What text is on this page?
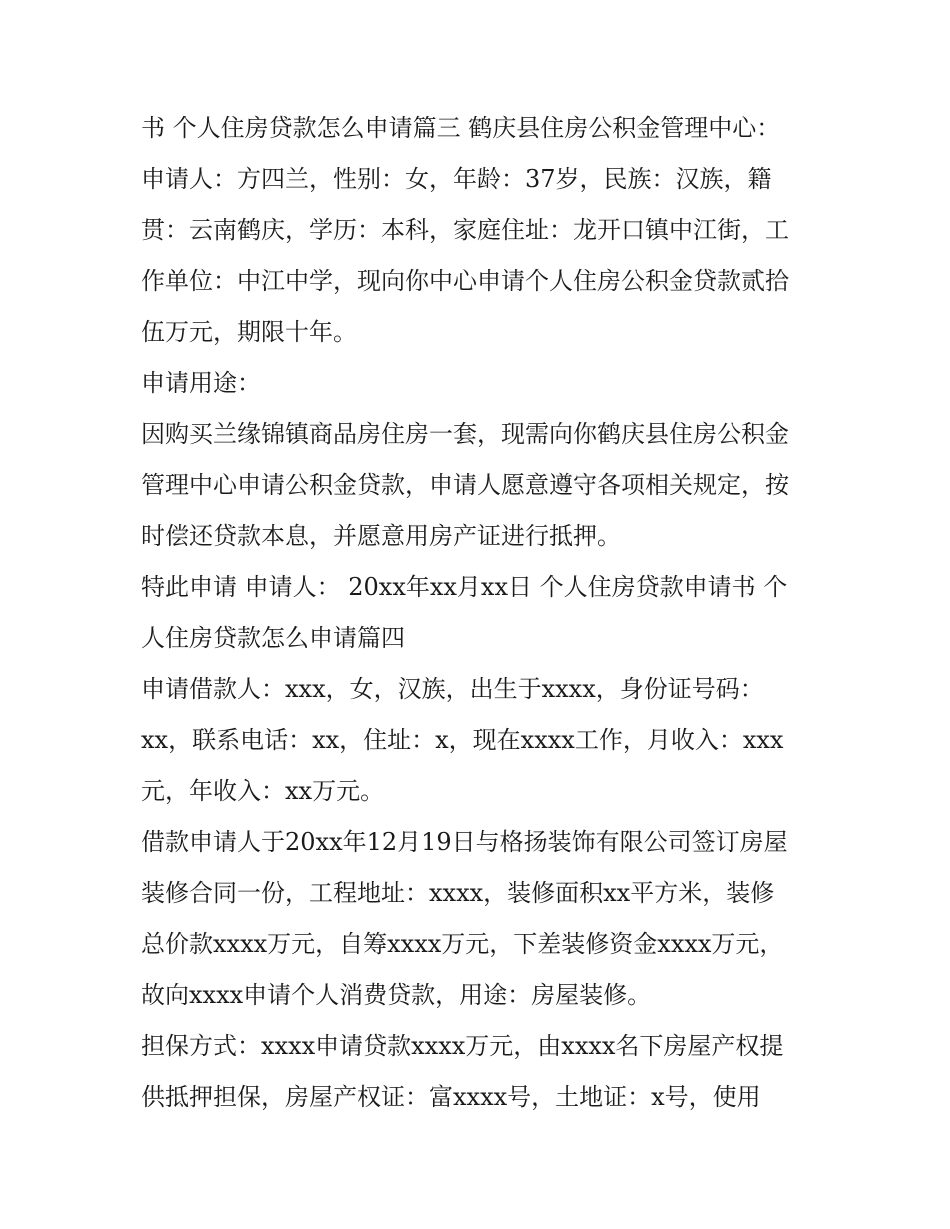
书 个人住房贷款怎么申请篇三 鹤庆县住房公积金管理中心：
申请人：方四兰，性别：女，年龄：37岁，民族：汉族，籍
贯：云南鹤庆，学历：本科，家庭住址：龙开口镇中江街，工
作单位：中江中学，现向你中心申请个人住房公积金贷款贰拾
伍万元，期限十年。
申请用途：
因购买兰缘锦镇商品房住房一套，现需向你鹤庆县住房公积金
管理中心申请公积金贷款，申请人愿意遵守各项相关规定，按
时偿还贷款本息，并愿意用房产证进行抵押。
特此申请 申请人： 20xx年xx月xx日 个人住房贷款申请书 个
人住房贷款怎么申请篇四
申请借款人：xxx，女，汉族，出生于xxxx，身份证号码：
xx，联系电话：xx，住址：x，现在xxxx工作，月收入：xxx
元，年收入：xx万元。
借款申请人于20xx年12月19日与格扬装饰有限公司签订房屋
装修合同一份，工程地址：xxxx，装修面积xx平方米，装修
总价款xxxx万元，自筹xxxx万元，下差装修资金xxxx万元，
故向xxxx申请个人消费贷款，用途：房屋装修。
担保方式：xxxx申请贷款xxxx万元，由xxxx名下房屋产权提
供抵押担保，房屋产权证：富xxxx号，土地证：x号，使用
